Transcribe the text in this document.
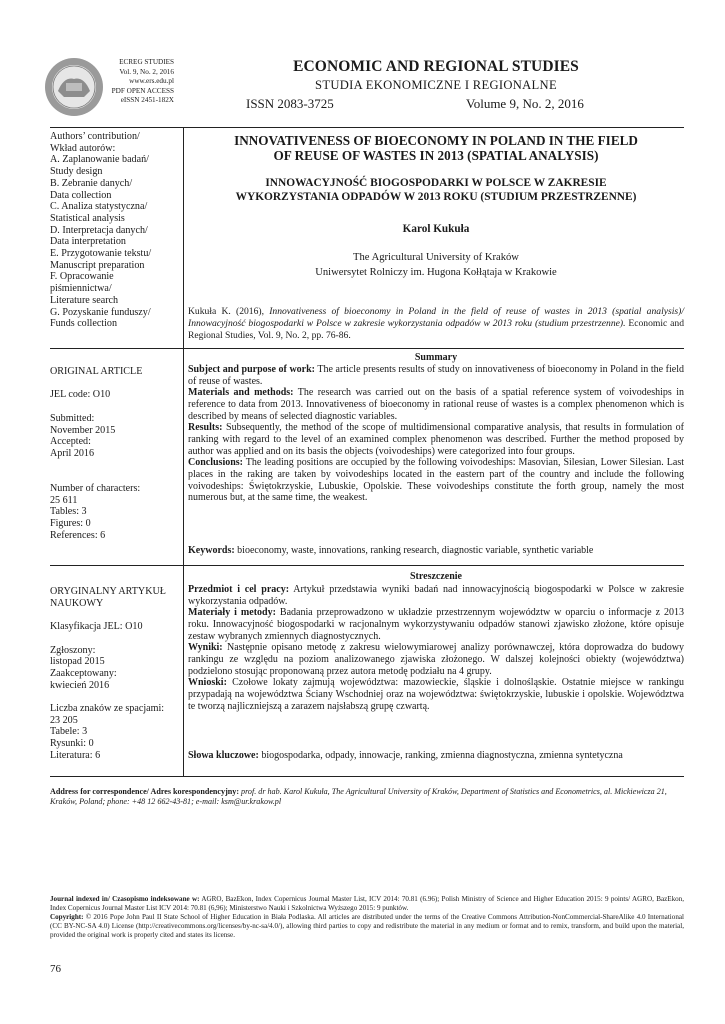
ECREG STUDIES
Vol. 9, No. 2, 2016
www.ers.edu.pl
PDF OPEN ACCESS
eISSN 2451-182X
ECONOMIC AND REGIONAL STUDIES
STUDIA EKONOMICZNE I REGIONALNE
ISSN 2083-3725	Volume 9, No. 2, 2016
Authors’ contribution/
Wkład autorów:
A. Zaplanowanie badań/
Study design
B. Zebranie danych/
Data collection
C. Analiza statystyczna/
Statistical analysis
D. Interpretacja danych/
Data interpretation
E. Przygotowanie tekstu/
Manuscript preparation
F. Opracowanie
piśmiennictwa/
Literature search
G. Pozyskanie funduszy/
Funds collection
ORIGINAL ARTICLE

JEL code: O10

Submitted:
November 2015
Accepted:
April 2016

Number of characters:
25 611
Tables: 3
Figures: 0
References: 6
ORYGINALNY ARTYKUŁ
NAUKOWY

Klasyfikacja JEL: O10

Zgłoszony:
listopad 2015
Zaakceptowany:
kwiecień 2016

Liczba znaków ze spacjami:
23 205
Tabele: 3
Rysunki: 0
Literatura: 6
INNOVATIVENESS OF BIOECONOMY IN POLAND IN THE FIELD
OF REUSE OF WASTES IN 2013 (SPATIAL ANALYSIS)
INNOWACYJNOŚĆ BIOGOSPODARKI W POLSCE W ZAKRESIE
WYKORZYSTANIA ODPADÓW W 2013 ROKU (STUDIUM PRZESTRZENNE)
Karol Kukuła
The Agricultural University of Kraków
Uniwersytet Rolniczy im. Hugona Kołłątaja w Krakowie
Kukuła K. (2016), Innovativeness of bioeconomy in Poland in the field of reuse of wastes in 2013 (spatial analysis)/ Innowacyjność biogospodarki w Polsce w zakresie wykorzystania odpadów w 2013 roku (studium przestrzenne). Economic and Regional Studies, Vol. 9, No. 2, pp. 76-86.
Summary
Subject and purpose of work: The article presents results of study on innovativeness of bioeconomy in Poland in the field of reuse of wastes.
Materials and methods: The research was carried out on the basis of a spatial reference system of voivodeships in reference to data from 2013. Innovativeness of bioeconomy in rational reuse of wastes is a complex phenomenon which is described by means of selected diagnostic variables.
Results: Subsequently, the method of the scope of multidimensional comparative analysis, that results in formulation of ranking with regard to the level of an examined complex phenomenon was described. Further the method proposed by author was applied and on its basis the objects (voivodeships) were categorized into four groups.
Conclusions: The leading positions are occupied by the following voivodeships: Masovian, Silesian, Lower Silesian. Last places in the raking are taken by voivodeships located in the eastern part of the country and include the following voivodeships: Świętokrzyskie, Lubuskie, Opolskie. These voivodeships constitute the forth group, namely the most numerous but, at the same time, the weakest.
Keywords: bioeconomy, waste, innovations, ranking research, diagnostic variable, synthetic variable
Streszczenie
Przedmiot i cel pracy: Artykuł przedstawia wyniki badań nad innowacyjnością biogospodarki w Polsce w zakresie wykorzystania odpadów.
Materiały i metody: Badania przeprowadzono w układzie przestrzennym województw w oparciu o informacje z 2013 roku. Innowacyjność biogospodarki w racjonalnym wykorzystywaniu odpadów stanowi zjawisko złożone, które opisuje zestaw wybranych zmiennych diagnostycznych.
Wyniki: Następnie opisano metodę z zakresu wielowymiarowej analizy porównawczej, która doprowadza do budowy rankingu ze względu na poziom analizowanego zjawiska złożonego. W dalszej kolejności obiekty (województwa) podzielono stosując proponowaną przez autora metodę podziału na 4 grupy.
Wnioski: Czołowe lokaty zajmują województwa: mazowieckie, śląskie i dolnośląskie. Ostatnie miejsce w rankingu przypadają na województwa Ściany Wschodniej oraz na województwa: świętokrzyskie, lubuskie i opolskie. Województwa te tworzą najliczniejszą a zarazem najsłabszą grupę czwartą.
Słowa kluczowe: biogospodarka, odpady, innowacje, ranking, zmienna diagnostyczna, zmienna syntetyczna
Address for correspondence/ Adres korespondencyjny: prof. dr hab. Karol Kukuła, The Agricultural University of Kraków, Department of Statistics and Econometrics, al. Mickiewicza 21, Kraków, Poland; phone: +48 12 662-43-81; e-mail: ksm@ur.krakow.pl
Journal indexed in/ Czasopismo indeksowane w: AGRO, BazEkon, Index Copernicus Journal Master List, ICV 2014: 70.81 (6.96); Polish Ministry of Science and Higher Education 2015: 9 points/ AGRO, BazEkon, Index Copernicus Journal Master List ICV 2014: 70.81 (6,96); Ministerstwo Nauki i Szkolnictwa Wyższego 2015: 9 punktów.
Copyright: © 2016 Pope John Paul II State School of Higher Education in Biała Podlaska. All articles are distributed under the terms of the Creative Commons Attribution-NonCommercial-ShareAlike 4.0 International (CC BY-NC-SA 4.0) License (http://creativecommons.org/licenses/by-nc-sa/4.0/), allowing third parties to copy and redistribute the material in any medium or format and to remix, transform, and build upon the material, provided the original work is properly cited and states its license.
76
